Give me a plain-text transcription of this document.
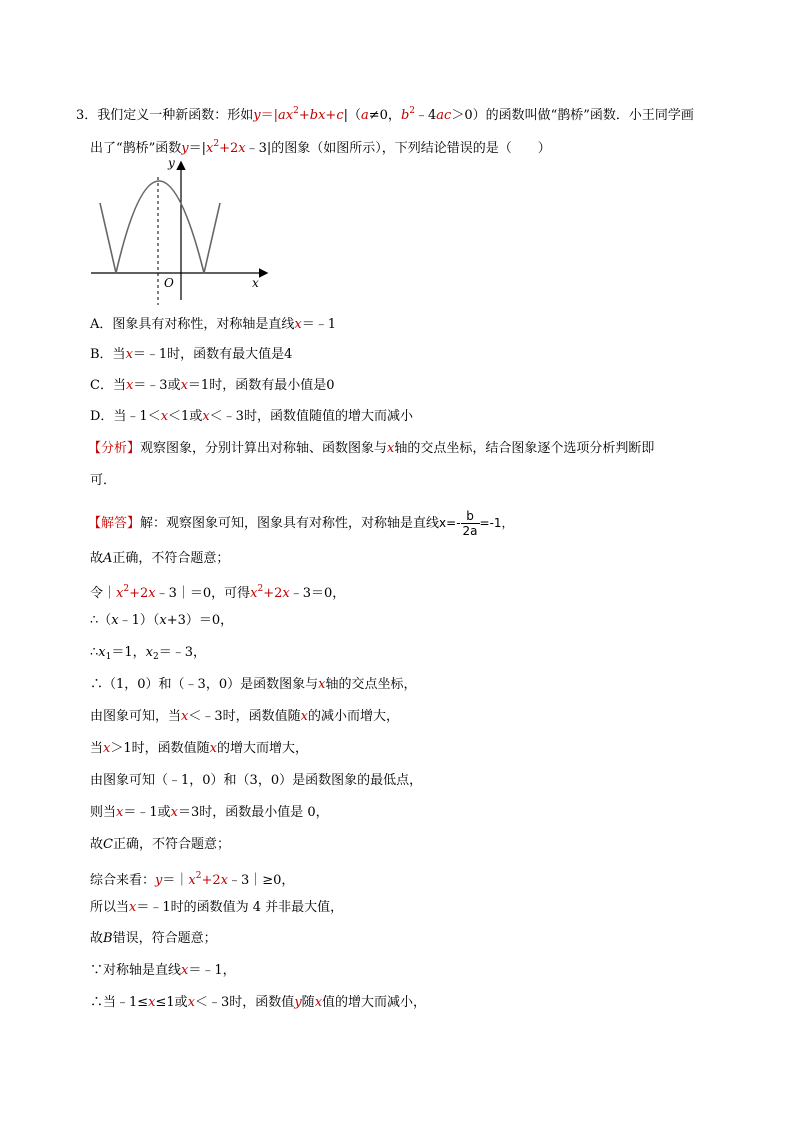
3．我们定义一种新函数：形如$y=|ax^2+bx+c|(a\ne 0$，$b^2﹣4ac>0$）的函数叫做“鹊桥”函数．小王同学画
出了“鹊桥”函数$y=|x^2+2x﹣3|$的图象（如图所示），下列结论错误的是（　　）
y
x
O
A．图象具有对称性，对称轴是直线x＝﹣1
B．当x＝﹣1时，函数有最大值是4
C．当x＝﹣3或x＝1时，函数有最小值是0
D．当﹣1＜x＜1或x＜﹣3时，函数值随值的增大而减小
【分析】观察图象，分别计算出对称轴、函数图象与x轴的交点坐标，结合图象逐个选项分析判断即
可．
【解答】解：观察图象可知，图象具有对称性，对称轴是直线$x=- \frac{b}{2a} =-1$，
故A正确，不符合题意；
令$|x^2+2x﹣3|=0$，可得$x^2+2x﹣3=0$，
∴（x﹣1）（x+3）＝0，
$\therefore x_1=1$，$x_2=﹣3$，
∴（1，0）和（﹣3，0）是函数图象与x轴的交点坐标，
由图象可知，当x＜﹣3时，函数值随x的减小而增大，
当x＞1时，函数值随x的增大而增大，
由图象可知（﹣1，0）和（3，0）是函数图象的最低点，
则当x＝﹣1或x＝3时，函数最小值是 0，
故C正确，不符合题意；
综合来看：$y=|x^2+2x﹣3|\ge 0$，
所以当x＝﹣1时的函数值为 4 并非最大值，
故B错误，符合题意；
∵对称轴是直线x＝﹣1，
∴当﹣1≤x≤1或x＜﹣3时，函数值y随x值的增大而减小，
